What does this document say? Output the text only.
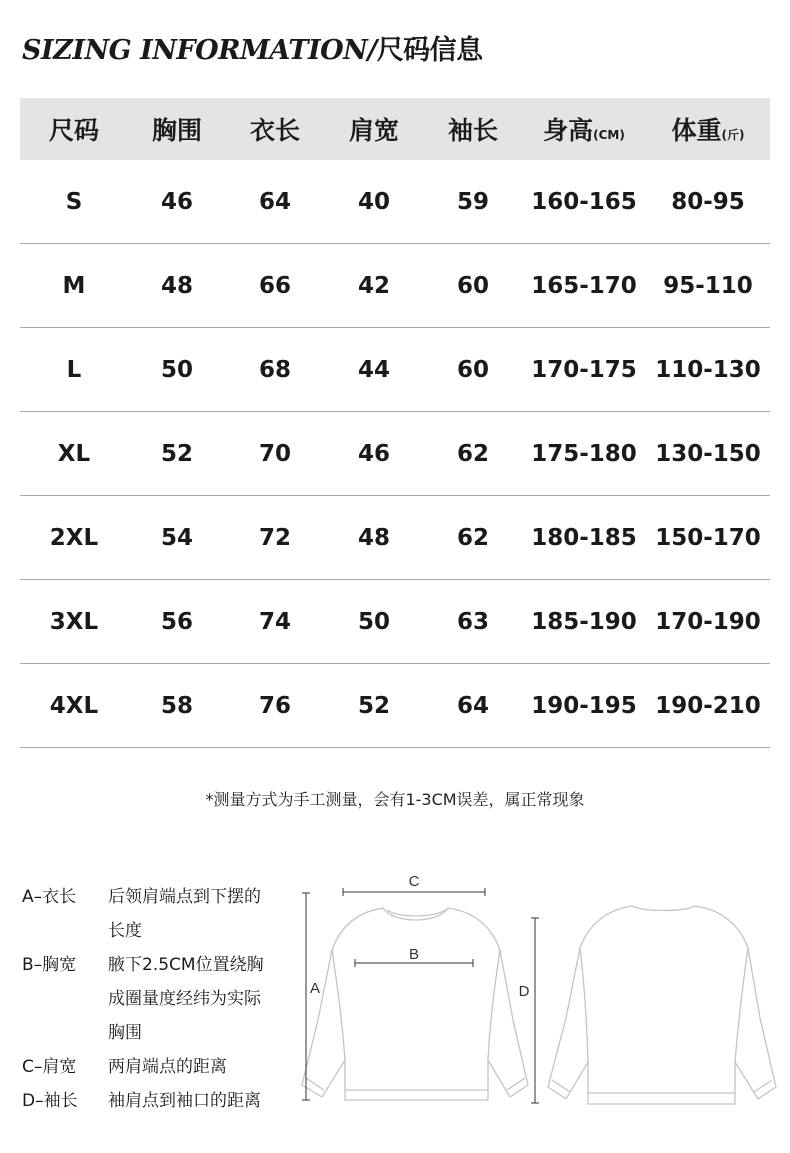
SIZING INFORMATION/尺码信息
尺码	胸围	衣长	肩宽	袖长	身高(CM)	体重(斤)
S	46	64	40	59	160-165	80-95
M	48	66	42	60	165-170	95-110
L	50	68	44	60	170-175 110-130
XL	52	70	46	62	175-180 130-150
2XL	54	72	48	62	180-185 150-170
3XL	56	74	50	63	185-190 170-190
4XL	58	76	52	64	190-195 190-210
*测量方式为手工测量，会有1-3CM误差，属正常现象
A–衣长	后领肩端点到下摆的
长度
B–胸宽	腋下2.5CM位置绕胸
成圈量度经纬为实际
胸围
C–肩宽	两肩端点的距离
D–袖长	袖肩点到袖口的距离
C
B
A	D
